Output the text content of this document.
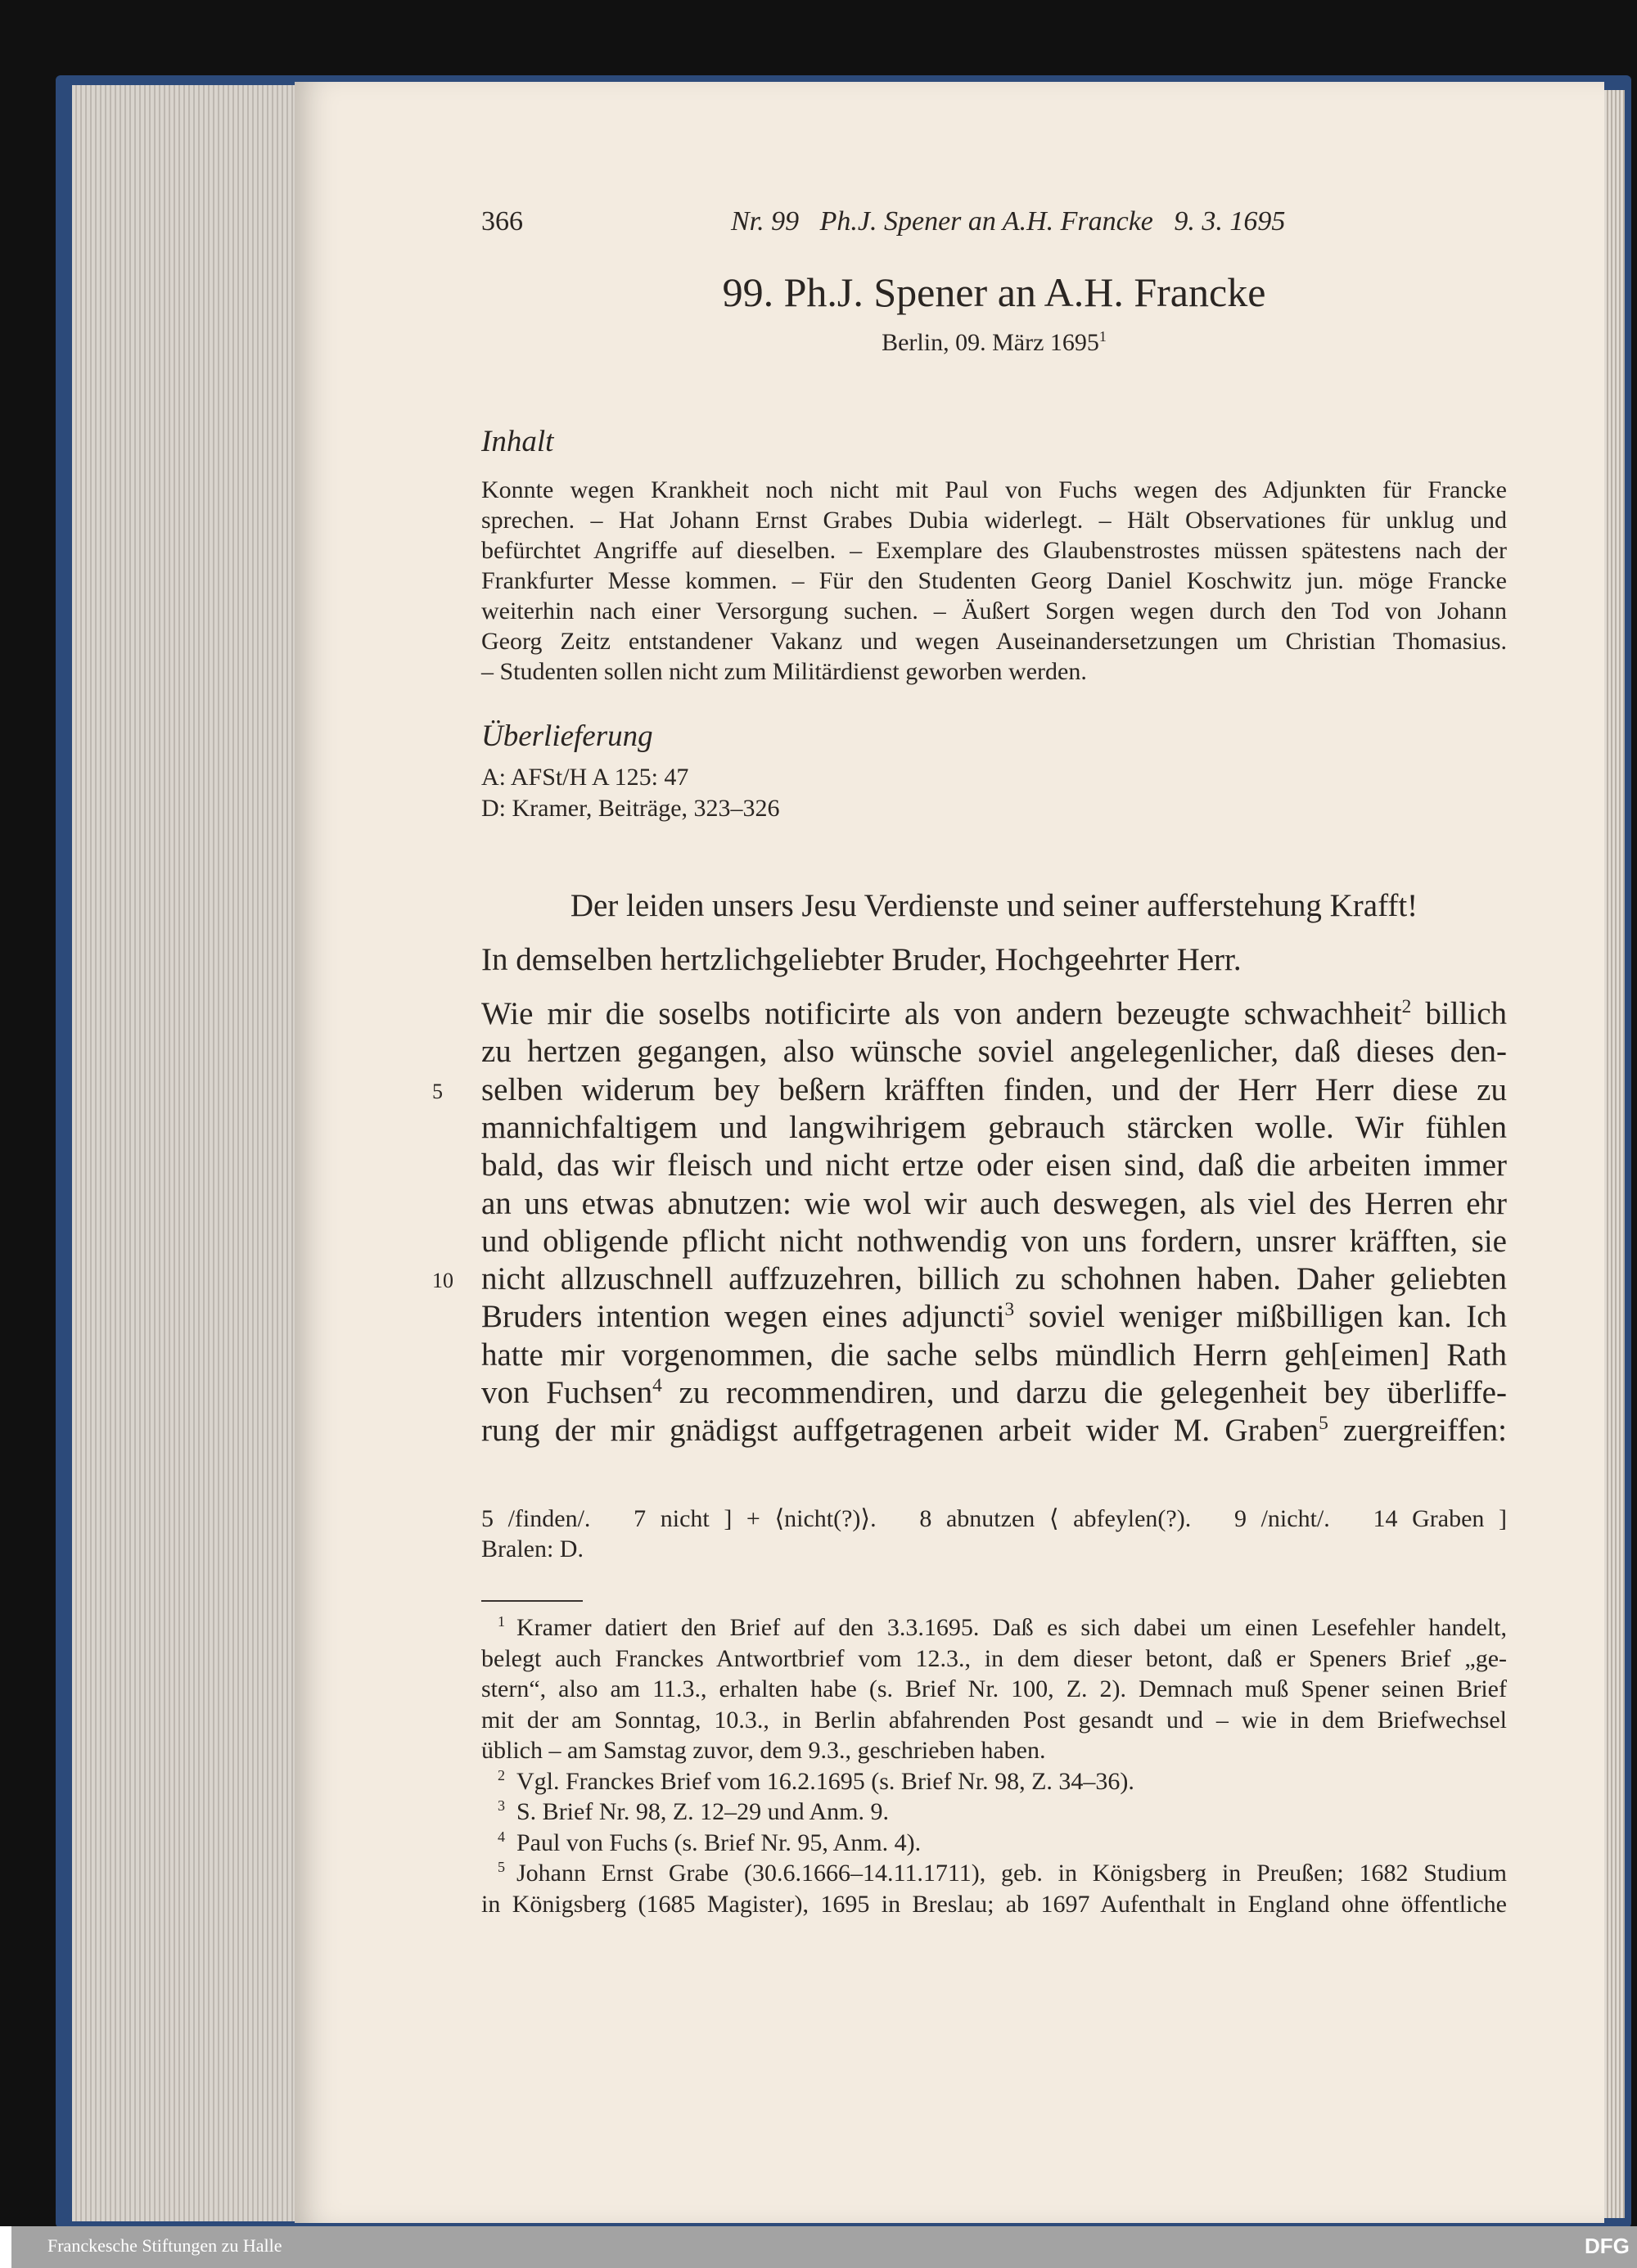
366	Nr. 99   Ph.J. Spener an A.H. Francke   9. 3. 1695
99. Ph.J. Spener an A.H. Francke
Berlin, 09. März 1695$^1$
Inhalt
Konnte wegen Krankheit noch nicht mit Paul von Fuchs wegen des Adjunkten für Francke
sprechen. – Hat Johann Ernst Grabes Dubia widerlegt. – Hält Observationes für unklug und
befürchtet Angriffe auf dieselben. – Exemplare des Glaubenstrostes müssen spätestens nach der
Frankfurter Messe kommen. – Für den Studenten Georg Daniel Koschwitz jun. möge Francke
weiterhin nach einer Versorgung suchen. – Äußert Sorgen wegen durch den Tod von Johann
Georg Zeitz entstandener Vakanz und wegen Auseinandersetzungen um Christian Thomasius.
– Studenten sollen nicht zum Militärdienst geworben werden.
Überlieferung
A: AFSt/H A 125: 47
D: Kramer, Beiträge, 323–326
Der leiden unsers Jesu Verdienste und seiner aufferstehung Krafft!
In demselben hertzlichgeliebter Bruder, Hochgeehrter Herr.
Wie mir die soselbs notificirte als von andern bezeugte schwachheit$^2$ billich
zu hertzen gegangen, also wünsche soviel angelegenlicher, daß dieses den-
selben widerum bey beßern kräfften finden, und der Herr Herr diese zu
5
mannichfaltigem und langwihrigem gebrauch stärcken wolle. Wir fühlen
bald, das wir fleisch und nicht ertze oder eisen sind, daß die arbeiten immer
an uns etwas abnutzen: wie wol wir auch deswegen, als viel des Herren ehr
und obligende pflicht nicht nothwendig von uns fordern, unsrer kräfften, sie
nicht allzuschnell auffzuzehren, billich zu schohnen haben. Daher geliebten
10
Bruders intention wegen eines adjuncti$^3$ soviel weniger mißbilligen kan. Ich
hatte mir vorgenommen, die sache selbs mündlich Herrn geh[eimen] Rath
von Fuchsen$^4$ zu recommendiren, und darzu die gelegenheit bey überliffe-
rung der mir gnädigst auffgetragenen arbeit wider M. Graben$^5$ zuergreiffen:
5 /finden/.   7 nicht ] + ⟨nicht(?)⟩.   8 abnutzen ⟨ abfeylen(?).   9 /nicht/.   14 Graben ]
Bralen: D.
$^1$ Kramer datiert den Brief auf den 3.3.1695. Daß es sich dabei um einen Lesefehler handelt,
belegt auch Franckes Antwortbrief vom 12.3., in dem dieser betont, daß er Speners Brief „ge-
stern“, also am 11.3., erhalten habe (s. Brief Nr. 100, Z. 2). Demnach muß Spener seinen Brief
mit der am Sonntag, 10.3., in Berlin abfahrenden Post gesandt und – wie in dem Briefwechsel
üblich – am Samstag zuvor, dem 9.3., geschrieben haben.
$^2$ Vgl. Franckes Brief vom 16.2.1695 (s. Brief Nr. 98, Z. 34–36).
$^3$ S. Brief Nr. 98, Z. 12–29 und Anm. 9.
$^4$ Paul von Fuchs (s. Brief Nr. 95, Anm. 4).
$^5$ Johann Ernst Grabe (30.6.1666–14.11.1711), geb. in Königsberg in Preußen; 1682 Studium
in Königsberg (1685 Magister), 1695 in Breslau; ab 1697 Aufenthalt in England ohne öffentliche
Franckesche Stiftungen zu Halle	DFG
